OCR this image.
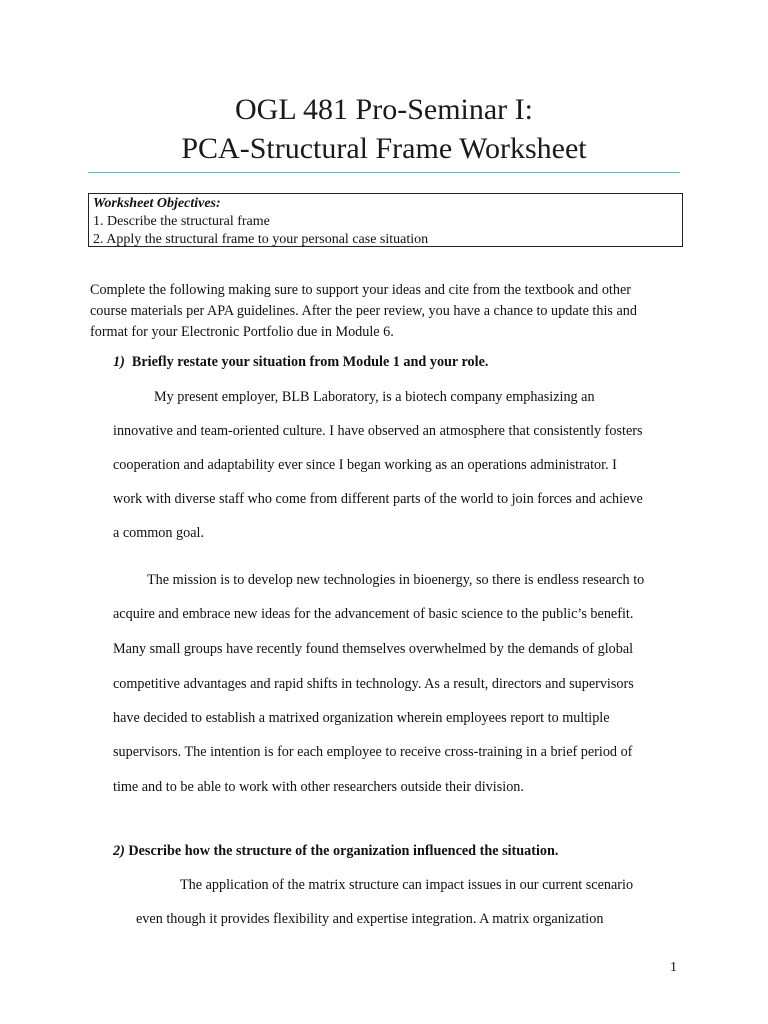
OGL 481 Pro-Seminar I:
PCA-Structural Frame Worksheet
Worksheet Objectives:
1. Describe the structural frame
2. Apply the structural frame to your personal case situation
Complete the following making sure to support your ideas and cite from the textbook and other
course materials per APA guidelines. After the peer review, you have a chance to update this and
format for your Electronic Portfolio due in Module 6.
1) Briefly restate your situation from Module 1 and your role.
My present employer, BLB Laboratory, is a biotech company emphasizing an
innovative and team-oriented culture. I have observed an atmosphere that consistently fosters
cooperation and adaptability ever since I began working as an operations administrator. I
work with diverse staff who come from different parts of the world to join forces and achieve
a common goal.
The mission is to develop new technologies in bioenergy, so there is endless research to
acquire and embrace new ideas for the advancement of basic science to the public’s benefit.
Many small groups have recently found themselves overwhelmed by the demands of global
competitive advantages and rapid shifts in technology. As a result, directors and supervisors
have decided to establish a matrixed organization wherein employees report to multiple
supervisors. The intention is for each employee to receive cross-training in a brief period of
time and to be able to work with other researchers outside their division.
2) Describe how the structure of the organization influenced the situation.
The application of the matrix structure can impact issues in our current scenario
even though it provides flexibility and expertise integration. A matrix organization
1
